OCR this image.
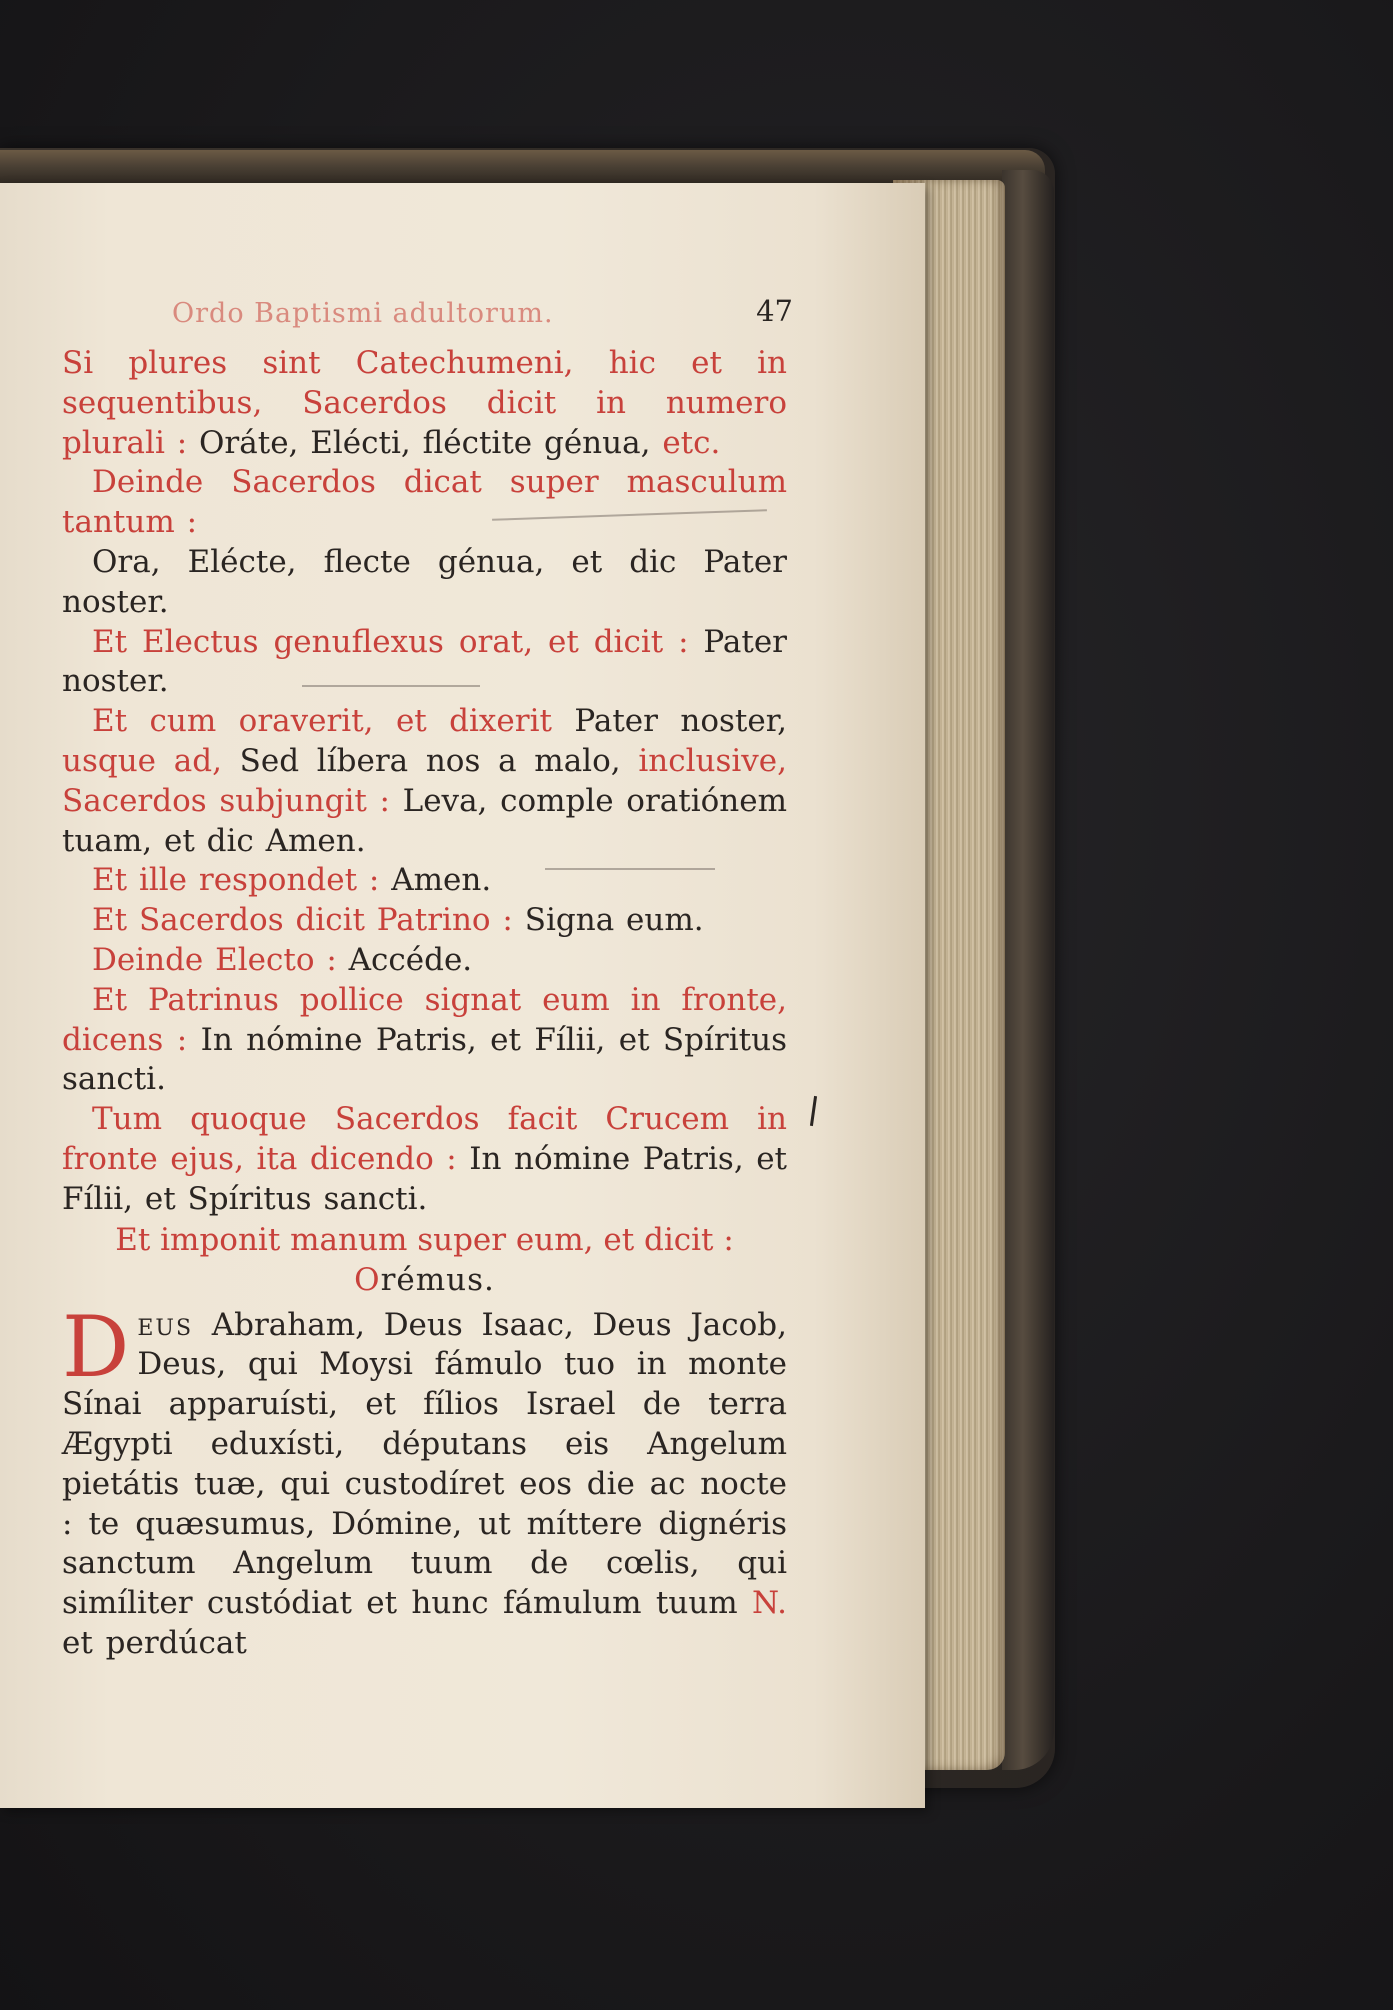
Ordo Baptismi adultorum.	47

Si plures sint Catechumeni, hic et in sequentibus, Sacerdos dicit in numero plurali : Oráte, Elécti, fléctite génua, etc.

Deinde Sacerdos dicat super masculum tantum :

Ora, Elécte, flecte génua, et dic Pater noster.

Et Electus genuflexus orat, et dicit : Pater noster.

Et cum oraverit, et dixerit Pater noster, usque ad, Sed líbera nos a malo, inclusive, Sacerdos subjungit : Leva, comple oratiónem tuam, et dic Amen.

Et ille respondet : Amen.

Et Sacerdos dicit Patrino : Signa eum.

Deinde Electo : Accéde.

Et Patrinus pollice signat eum in fronte, dicens : In nómine Patris, et Fílii, et Spíritus sancti.

Tum quoque Sacerdos facit Crucem in fronte ejus, ita dicendo : In nómine Patris, et Fílii, et Spíritus sancti.

Et imponit manum super eum, et dicit :

Orémus.

Deus Abraham, Deus Isaac, Deus Jacob, Deus, qui Moysi fámulo tuo in monte Sínai apparuísti, et fílios Israel de terra Ægypti eduxísti, députans eis Angelum pietátis tuæ, qui custodíret eos die ac nocte : te quæsumus, Dómine, ut míttere dignéris sanctum Angelum tuum de cœlis, qui simíliter custódiat et hunc fámulum tuum N. et perdúcat
